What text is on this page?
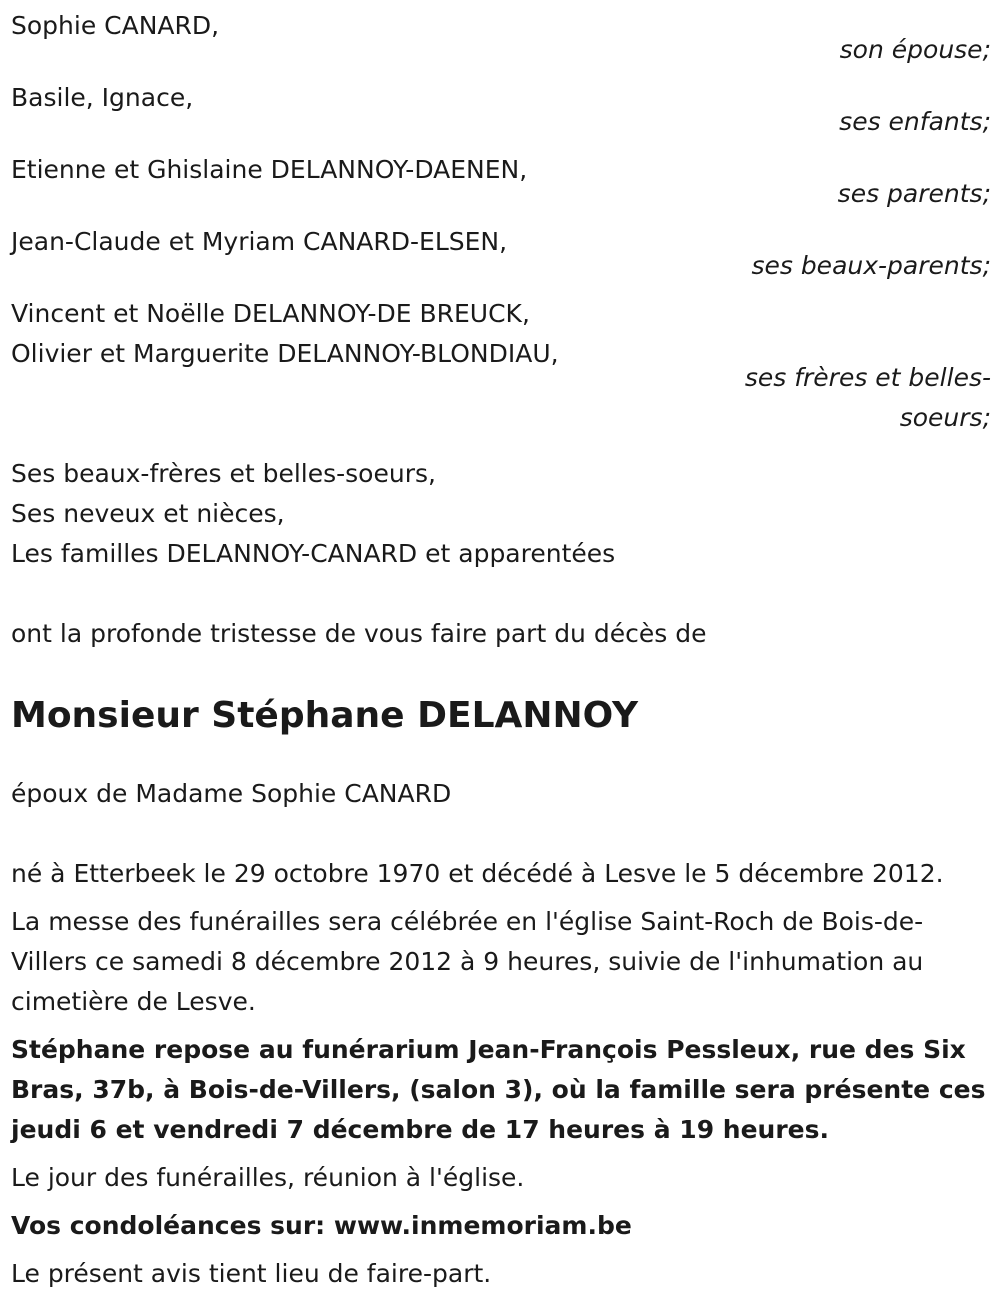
Sophie CANARD,
son épouse;
Basile, Ignace,
ses enfants;
Etienne et Ghislaine DELANNOY-DAENEN,
ses parents;
Jean-Claude et Myriam CANARD-ELSEN,
ses beaux-parents;
Vincent et Noëlle DELANNOY-DE BREUCK,
Olivier et Marguerite DELANNOY-BLONDIAU,
ses frères et belles-
soeurs;
Ses beaux-frères et belles-soeurs,
Ses neveux et nièces,
Les familles DELANNOY-CANARD et apparentées
ont la profonde tristesse de vous faire part du décès de
Monsieur Stéphane DELANNOY
époux de Madame Sophie CANARD
né à Etterbeek le 29 octobre 1970 et décédé à Lesve le 5 décembre 2012.
La messe des funérailles sera célébrée en l'église Saint-Roch de Bois-de-Villers ce samedi 8 décembre 2012 à 9 heures, suivie de l'inhumation au cimetière de Lesve.
Stéphane repose au funérarium Jean-François Pessleux, rue des Six Bras, 37b, à Bois-de-Villers, (salon 3), où la famille sera présente ces jeudi 6 et vendredi 7 décembre de 17 heures à 19 heures.
Le jour des funérailles, réunion à l'église.
Vos condoléances sur: www.inmemoriam.be
Le présent avis tient lieu de faire-part.
